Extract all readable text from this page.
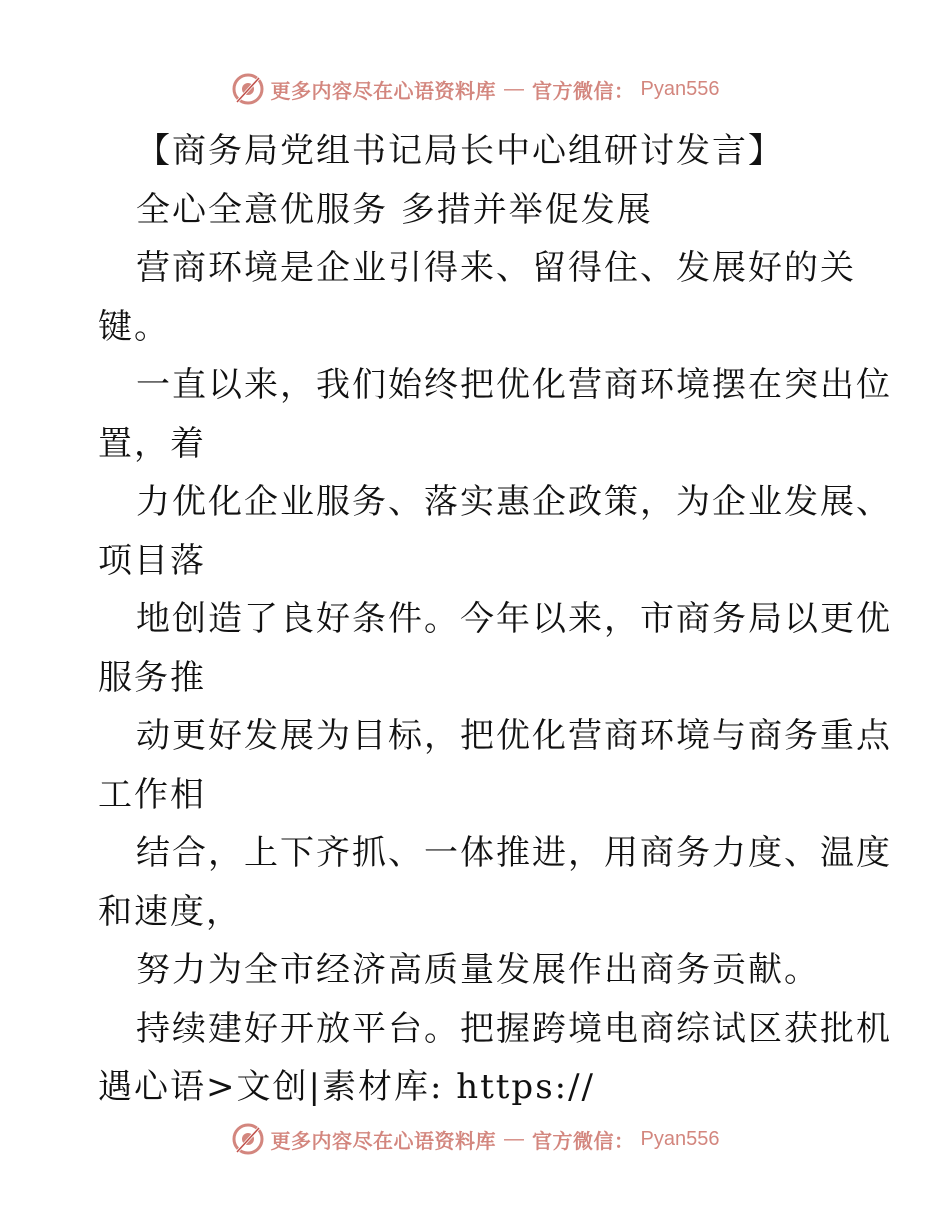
更多内容尽在心语资料库 — 官方微信： Pyan556
【商务局党组书记局长中心组研讨发言】
全心全意优服务 多措并举促发展
营商环境是企业引得来、留得住、发展好的关
键。
一直以来，我们始终把优化营商环境摆在突出位
置，着
力优化企业服务、落实惠企政策，为企业发展、
项目落
地创造了良好条件。今年以来，市商务局以更优
服务推
动更好发展为目标，把优化营商环境与商务重点
工作相
结合，上下齐抓、一体推进，用商务力度、温度
和速度，
努力为全市经济高质量发展作出商务贡献。
持续建好开放平台。把握跨境电商综试区获批机
遇心语>文创|素材库: https://
更多内容尽在心语资料库 — 官方微信： Pyan556
